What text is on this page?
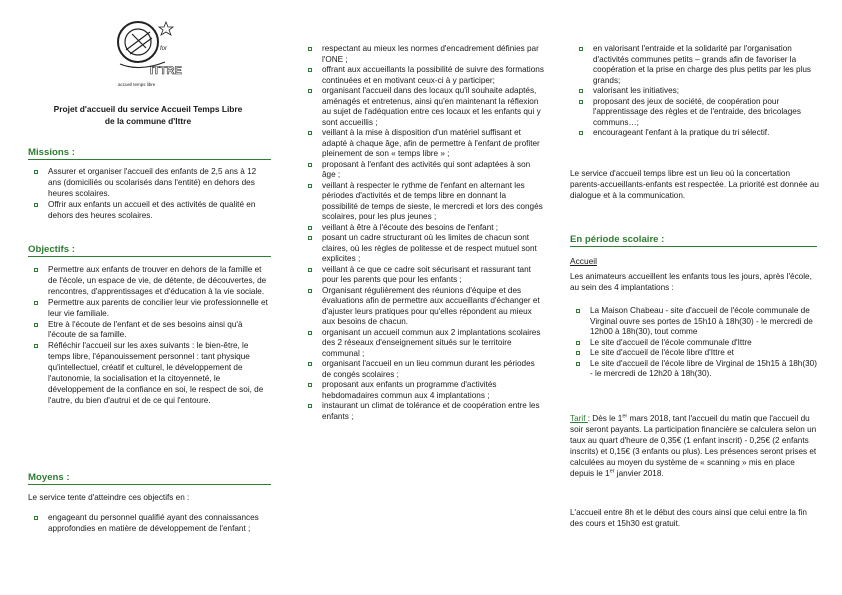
for
ITTRE
accueil temps libre
Projet d'accueil du service Accueil Temps Libre
de la commune d'Ittre
Missions :
Assurer et organiser l'accueil des enfants de 2,5 ans à 12 ans (domiciliés ou scolarisés dans l'entité) en dehors des heures scolaires.
Offrir aux enfants un accueil et des activités de qualité en dehors des heures scolaires.
Objectifs :
Permettre aux enfants de trouver en dehors de la famille et de l'école, un espace de vie, de détente, de découvertes, de rencontres, d'apprentissages et d'éducation à la vie sociale.
Permettre aux parents de concilier leur vie professionnelle et leur vie familiale.
Etre à l'écoute de l'enfant et de ses besoins ainsi qu'à l'écoute de sa famille.
Réfléchir l'accueil sur les axes suivants : le bien-être, le temps libre, l'épanouissement personnel : tant physique qu'intellectuel, créatif et culturel, le développement de l'autonomie, la socialisation et la citoyenneté, le développement de la confiance en soi, le respect de soi, de l'autre, du bien d'autrui et de ce qui l'entoure.
Moyens :

Le service tente d'atteindre ces objectifs en :

engageant du personnel qualifié ayant des connaissances approfondies en matière de développement de l'enfant ;
respectant au mieux les normes d'encadrement définies par l'ONE ;
offrant aux accueillants la possibilité de suivre des formations continuées et en motivant ceux-ci à y participer;
organisant l'accueil dans des locaux qu'il souhaite adaptés, aménagés et entretenus, ainsi qu'en maintenant la réflexion au sujet de l'adéquation entre ces locaux et les enfants qui y sont accueillis ;
veillant à la mise à disposition d'un matériel suffisant et adapté à chaque âge, afin de permettre à l'enfant de profiter pleinement de son « temps libre » ;
proposant à l'enfant des activités qui sont adaptées à son âge ;
veillant à respecter le rythme de l'enfant en alternant les périodes d'activités et de temps libre en donnant la possibilité de temps de sieste, le mercredi et lors des congés scolaires, pour les plus jeunes ;
veillant à être à l'écoute des besoins de l'enfant ;
posant un cadre structurant où les limites de chacun sont claires, où les règles de politesse et de respect mutuel sont explicites ;
veillant à ce que ce cadre soit sécurisant et rassurant tant pour les parents que pour les enfants ;
Organisant régulièrement des réunions d'équipe et des évaluations afin de permettre aux accueillants d'échanger et d'ajuster leurs pratiques pour qu'elles répondent au mieux aux besoins de chacun.
organisant un accueil commun aux 2 implantations scolaires des 2 réseaux d'enseignement situés sur le territoire communal ;
organisant l'accueil en un lieu commun durant les périodes de congés scolaires ;
proposant aux enfants un programme d'activités hebdomadaires commun aux 4 implantations ;
instaurant un climat de tolérance et de coopération entre les enfants ;
en valorisant l'entraide et la solidarité par l'organisation d'activités communes petits – grands afin de favoriser la coopération et la prise en charge des plus petits par les plus grands;
valorisant les initiatives;
proposant des jeux de société, de coopération pour l'apprentissage des règles et de l'entraide, des bricolages communs…;
encourageant l'enfant à la pratique du tri sélectif.

Le service d'accueil temps libre est un lieu où la concertation parents-accueillants-enfants est respectée. La priorité est donnée au dialogue et à la communication.

En période scolaire :
Accueil

Les animateurs accueillent les enfants tous les jours, après l'école, au sein des 4 implantations :

La Maison Chabeau - site d'accueil de l'école communale de Virginal ouvre ses portes de 15h10 à 18h(30) - le mercredi de 12h00 à 18h(30), tout comme
Le site d'accueil de l'école communale d'Ittre
Le site d'accueil de l'école libre d'Ittre et
Le site d'accueil de l'école libre de Virginal de 15h15 à 18h(30) - le mercredi de 12h20 à 18h(30).

Tarif : Dès le 1er mars 2018, tant l'accueil du matin que l'accueil du soir seront payants. La participation financière se calculera selon un taux au quart d'heure de 0,35€ (1 enfant inscrit) - 0,25€ (2 enfants inscrits) et 0,15€ (3 enfants ou plus). Les présences seront prises et calculées au moyen du système de « scanning » mis en place depuis le 1er janvier 2018.

L'accueil entre 8h et le début des cours ainsi que celui entre la fin des cours et 15h30 est gratuit.
